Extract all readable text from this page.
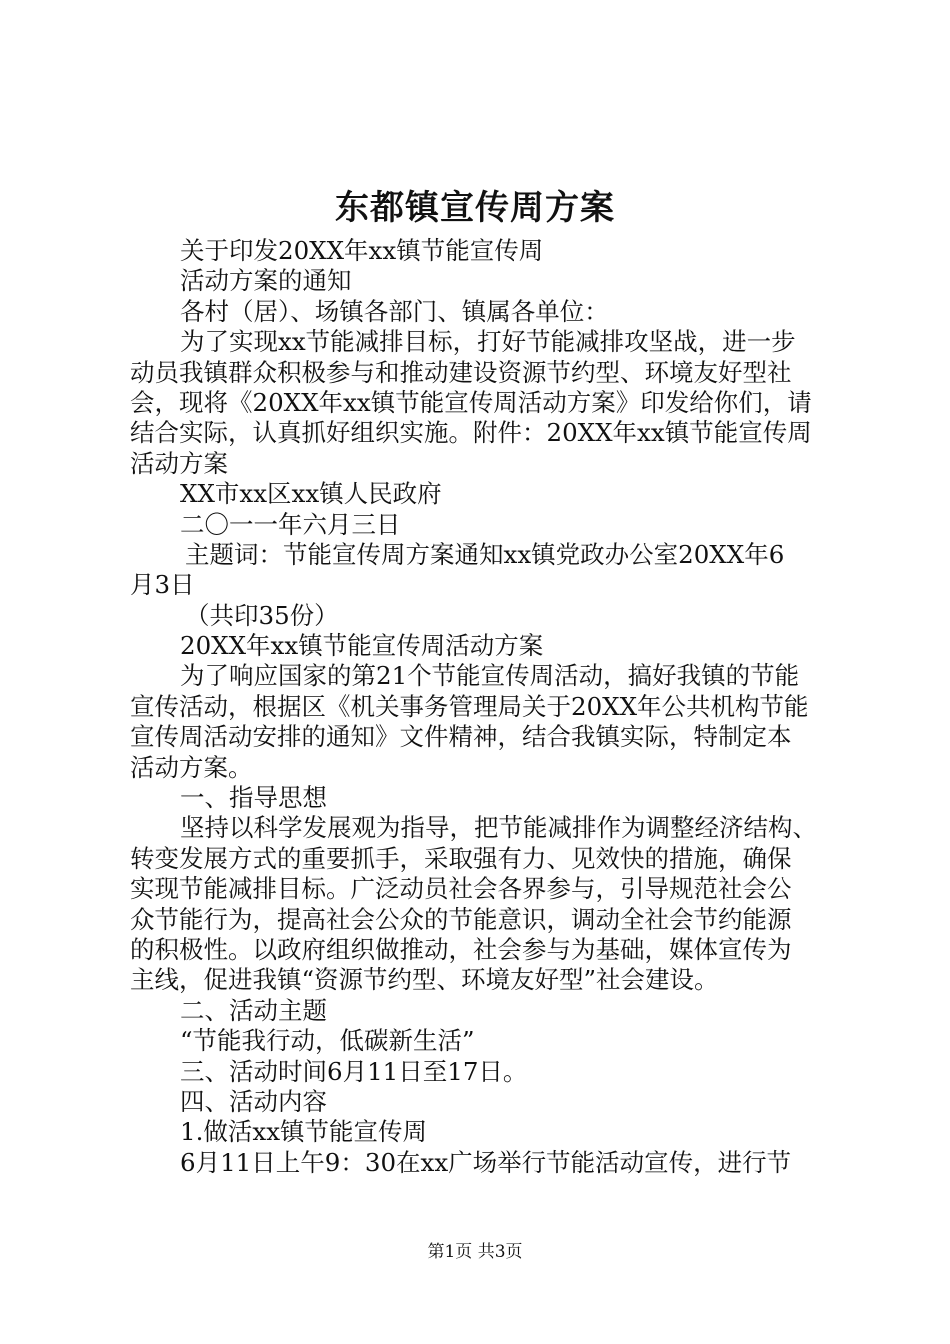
东都镇宣传周方案
关于印发20XX年xx镇节能宣传周
活动方案的通知
各村（居）、场镇各部门、镇属各单位：
为了实现xx节能减排目标，打好节能减排攻坚战，进一步
动员我镇群众积极参与和推动建设资源节约型、环境友好型社
会，现将《20XX年xx镇节能宣传周活动方案》印发给你们，请
结合实际，认真抓好组织实施。附件：20XX年xx镇节能宣传周
活动方案
XX市xx区xx镇人民政府
二〇一一年六月三日
主题词：节能宣传周方案通知xx镇党政办公室20XX年6
月3日
（共印35份）
20XX年xx镇节能宣传周活动方案
为了响应国家的第21个节能宣传周活动，搞好我镇的节能
宣传活动，根据区《机关事务管理局关于20XX年公共机构节能
宣传周活动安排的通知》文件精神，结合我镇实际，特制定本
活动方案。
一、指导思想
坚持以科学发展观为指导，把节能减排作为调整经济结构、
转变发展方式的重要抓手，采取强有力、见效快的措施，确保
实现节能减排目标。广泛动员社会各界参与，引导规范社会公
众节能行为，提高社会公众的节能意识，调动全社会节约能源
的积极性。以政府组织做推动，社会参与为基础，媒体宣传为
主线，促进我镇“资源节约型、环境友好型”社会建设。
二、活动主题
“节能我行动，低碳新生活”
三、活动时间6月11日至17日。
四、活动内容
1.做活xx镇节能宣传周
6月11日上午9：30在xx广场举行节能活动宣传，进行节
第1页 共3页
